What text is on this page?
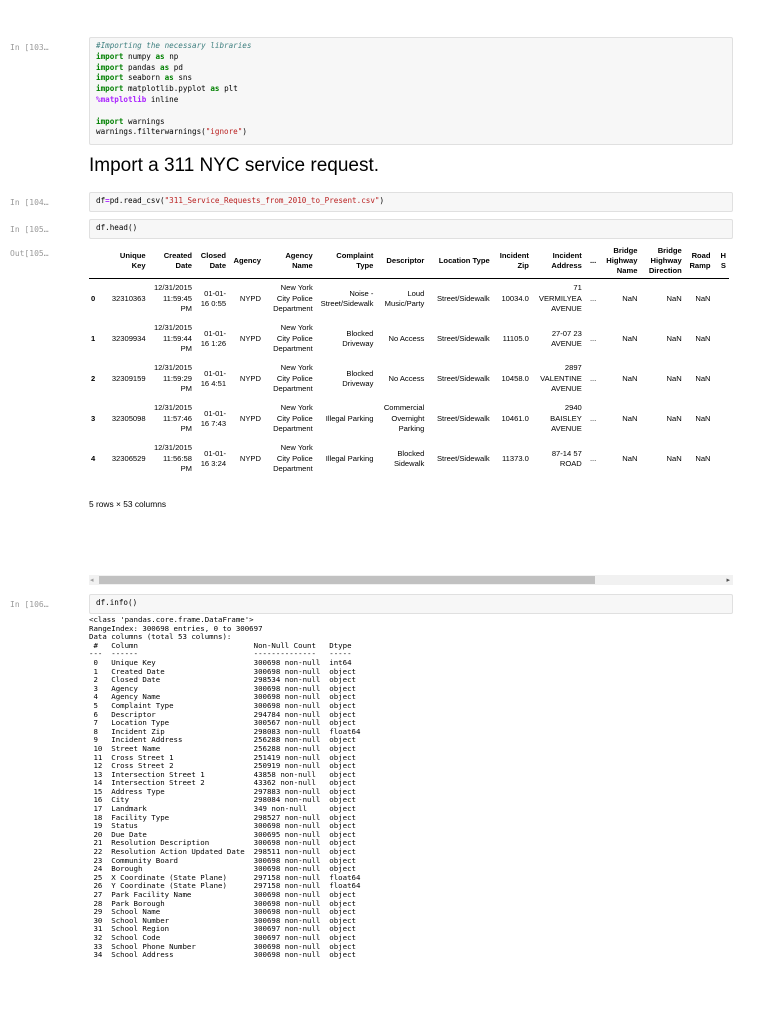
In [103…	#Importing the necessary libraries
import numpy as np
import pandas as pd
import seaborn as sns
import matplotlib.pyplot as plt
%matplotlib inline

import warnings
warnings.filterwarnings("ignore")
Import a 311 NYC service request.
In [104…	df=pd.read_csv("311_Service_Requests_from_2010_to_Present.csv")
In [105…	df.head()
Out[105…
		Unique Key	Created Date	Closed Date	Agency	Agency Name	Complaint Type	Descriptor	Location Type	Incident Zip	Incident Address	...	Bridge Highway Name	Bridge Highway Direction	Road Ramp	H S
0	32310363	12/31/2015 11:59:45 PM	01-01-16 0:55	NYPD	New York City Police Department	Noise - Street/Sidewalk	Loud Music/Party	Street/Sidewalk	10034.0	71 VERMILYEA AVENUE	...	NaN	NaN	NaN	
1	32309934	12/31/2015 11:59:44 PM	01-01-16 1:26	NYPD	New York City Police Department	Blocked Driveway	No Access	Street/Sidewalk	11105.0	27-07 23 AVENUE	...	NaN	NaN	NaN	
2	32309159	12/31/2015 11:59:29 PM	01-01-16 4:51	NYPD	New York City Police Department	Blocked Driveway	No Access	Street/Sidewalk	10458.0	2897 VALENTINE AVENUE	...	NaN	NaN	NaN	
3	32305098	12/31/2015 11:57:46 PM	01-01-16 7:43	NYPD	New York City Police Department	Illegal Parking	Commercial Overnight Parking	Street/Sidewalk	10461.0	2940 BAISLEY AVENUE	...	NaN	NaN	NaN	
4	32306529	12/31/2015 11:56:58 PM	01-01-16 3:24	NYPD	New York City Police Department	Illegal Parking	Blocked Sidewalk	Street/Sidewalk	11373.0	87-14 57 ROAD	...	NaN	NaN	NaN	
5 rows × 53 columns
◂	▸
In [106…	df.info()
<class 'pandas.core.frame.DataFrame'>
RangeIndex: 300698 entries, 0 to 300697
Data columns (total 53 columns):
#   Column                          Non-Null Count   Dtype
---  ------                          --------------   -----
0   Unique Key                      300698 non-null  int64
1   Created Date                    300698 non-null  object
2   Closed Date                     298534 non-null  object
3   Agency                          300698 non-null  object
4   Agency Name                     300698 non-null  object
5   Complaint Type                  300698 non-null  object
6   Descriptor                      294784 non-null  object
7   Location Type                   300567 non-null  object
8   Incident Zip                    298083 non-null  float64
9   Incident Address                256288 non-null  object
10  Street Name                     256288 non-null  object
11  Cross Street 1                  251419 non-null  object
12  Cross Street 2                  250919 non-null  object
13  Intersection Street 1           43858 non-null   object
14  Intersection Street 2           43362 non-null   object
15  Address Type                    297883 non-null  object
16  City                            298084 non-null  object
17  Landmark                        349 non-null     object
18  Facility Type                   298527 non-null  object
19  Status                          300698 non-null  object
20  Due Date                        300695 non-null  object
21  Resolution Description          300698 non-null  object
22  Resolution Action Updated Date  298511 non-null  object
23  Community Board                 300698 non-null  object
24  Borough                         300698 non-null  object
25  X Coordinate (State Plane)      297158 non-null  float64
26  Y Coordinate (State Plane)      297158 non-null  float64
27  Park Facility Name              300698 non-null  object
28  Park Borough                    300698 non-null  object
29  School Name                     300698 non-null  object
30  School Number                   300698 non-null  object
31  School Region                   300697 non-null  object
32  School Code                     300697 non-null  object
33  School Phone Number             300698 non-null  object
34  School Address                  300698 non-null  object
